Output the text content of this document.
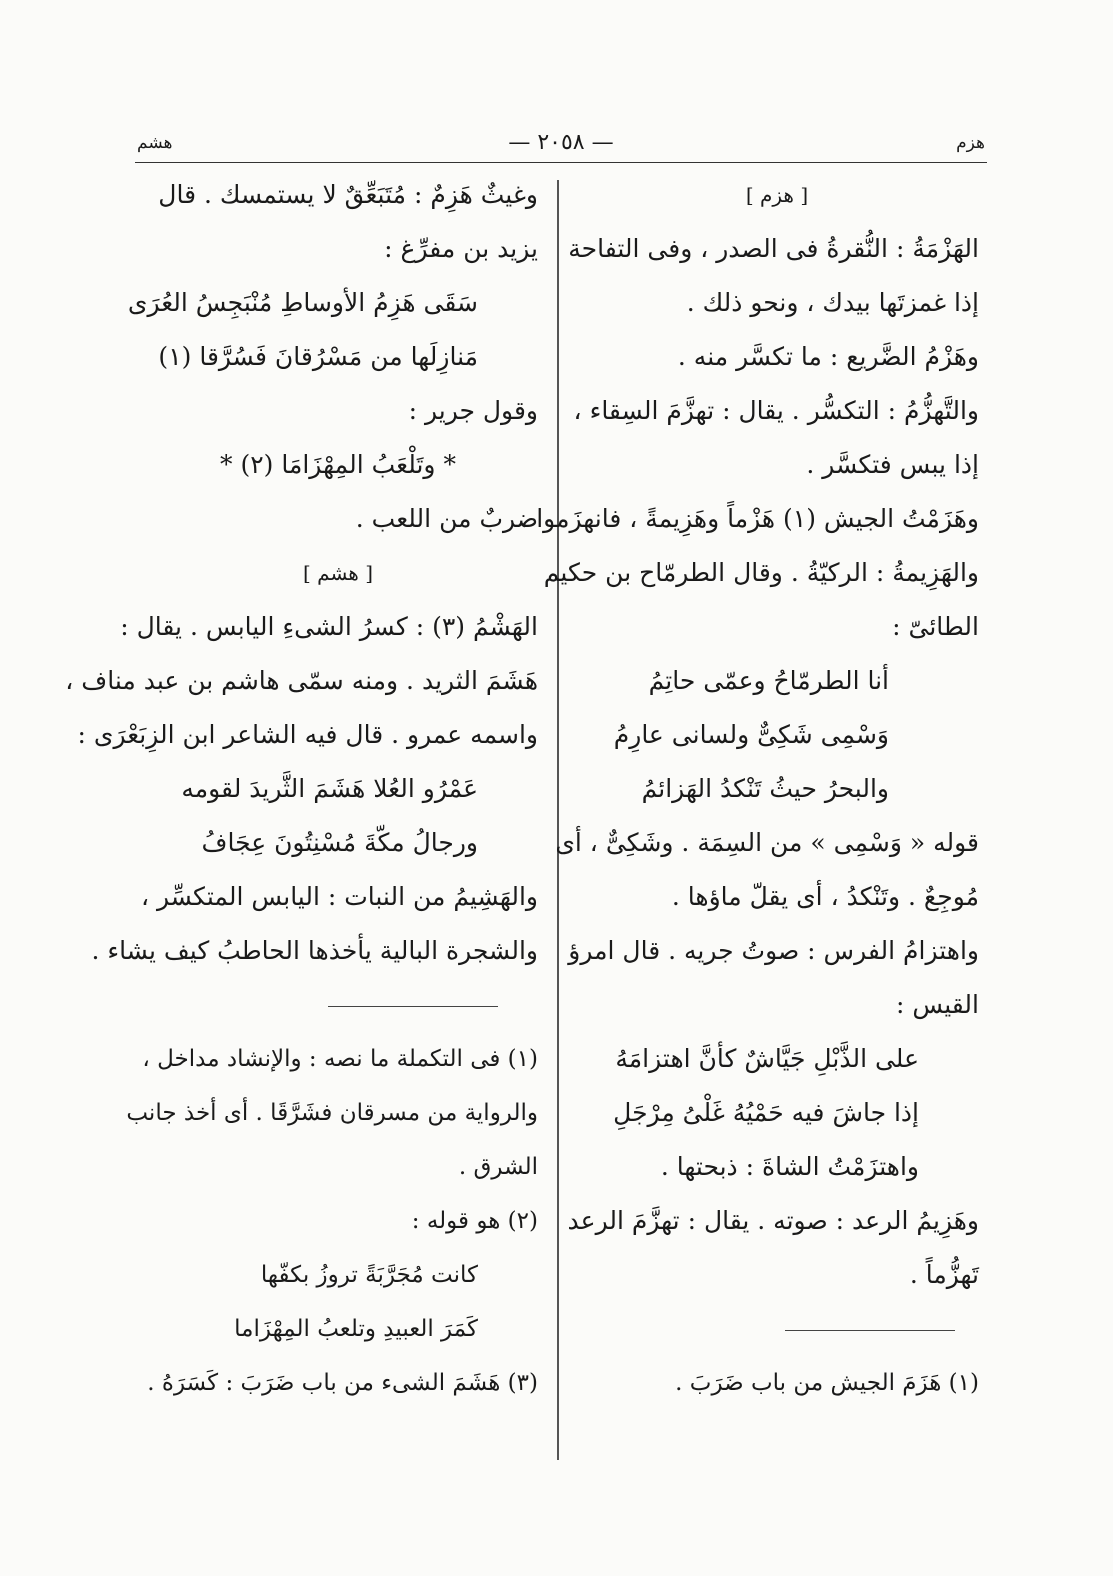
هزم
— ٢٠٥٨ —
هشم
[ هزم ]
الهَزْمَةُ : النُّقرةُ فى الصدر ، وفى التفاحة
إذا غمزتَها بيدك ، ونحو ذلك .
وهَزْمُ الضَّريع : ما تكسَّر منه .
والتَّهزُّمُ : التكسُّر . يقال : تهزَّمَ السِقاء ،
إذا يبس فتكسَّر .
وهَزَمْتُ الجيش (١) هَزْماً وهَزِيمةً ، فانهزَموا .
والهَزِيمةُ : الركيّةُ . وقال الطرمّاح بن حكيم
الطائىّ :
أنا الطرمّاحُ وعمّى حاتِمُ
وَسْمِى شَكِىٌّ ولسانى عارِمُ
والبحرُ حيثُ تَنْكدُ الهَزائمُ
قوله « وَسْمِى » من السِمَة . وشَكِىٌّ ، أى
مُوجِعٌ . وتَنْكدُ ، أى يقلّ ماؤها .
واهتزامُ الفرس : صوتُ جريه . قال امرؤ
القيس :
على الذَّبْلِ جَيَّاشٌ كأنَّ اهتزامَهُ
إذا جاشَ فيه حَمْيُهُ غَلْىُ مِرْجَلِ
واهتزَمْتُ الشاةَ : ذبحتها .
وهَزِيمُ الرعد : صوته . يقال : تهزَّمَ الرعد
تَهزُّماً .
(١) هَزَمَ الجيش من باب ضَرَبَ .
وغيثٌ هَزِمٌ : مُتَبَعِّقٌ لا يستمسك . قال
يزيد بن مفرِّغ :
سَقَى هَزِمُ الأوساطِ مُنْبَجِسُ العُرَى
مَنازِلَها من مَسْرُقانَ فَسُرَّقا (١)
وقول جرير :
* وتَلْعَبُ المِهْزَامَا (٢) *
ضربٌ من اللعب .
[ هشم ]
الهَشْمُ (٣) : كسرُ الشىءِ اليابس . يقال :
هَشَمَ الثريد . ومنه سمّى هاشم بن عبد مناف ،
واسمه عمرو . قال فيه الشاعر ابن الزِبَعْرَى :
عَمْرُو العُلا هَشَمَ الثَّريدَ لقومه
ورجالُ مكّةَ مُسْنِتُونَ عِجَافُ
والهَشِيمُ من النبات : اليابس المتكسِّر ،
والشجرة البالية يأخذها الحاطبُ كيف يشاء .
(١) فى التكملة ما نصه : والإنشاد مداخل ،
والرواية من مسرقان فشَرَّقَا . أى أخذ جانب
الشرق .
(٢) هو قوله :
كانت مُجَرَّبَةً تروزُ بكفّها
كَمَرَ العبيدِ وتلعبُ المِهْزَاما
(٣) هَشَمَ الشىء من باب ضَرَبَ : كَسَرَهُ .
